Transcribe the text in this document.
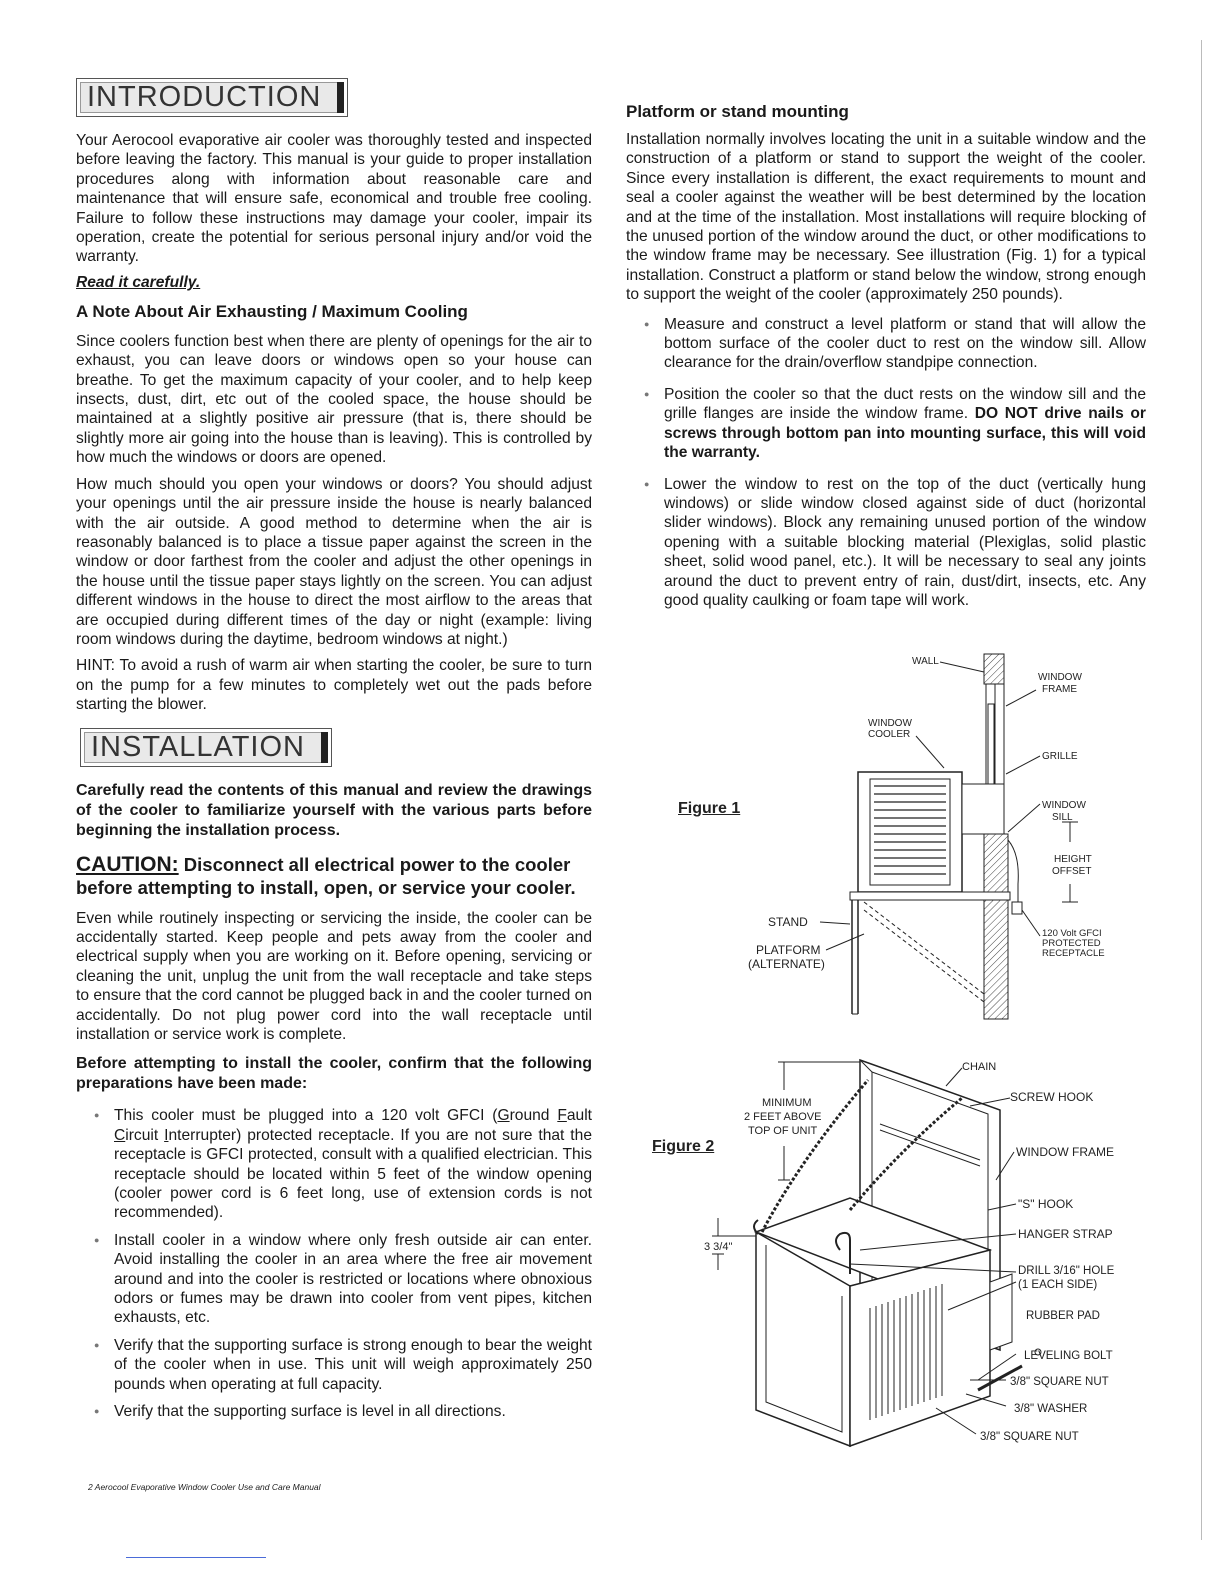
INTRODUCTION

Your Aerocool evaporative air cooler was thoroughly tested and inspected before leaving the factory. This manual is your guide to proper installation procedures along with information about reasonable care and maintenance that will ensure safe, economical and trouble free cooling. Failure to follow these instructions may damage your cooler, impair its operation, create the potential for serious personal injury and/or void the warranty.

Read it carefully.
A Note About Air Exhausting / Maximum Cooling

Since coolers function best when there are plenty of openings for the air to exhaust, you can leave doors or windows open so your house can breathe. To get the maximum capacity of your cooler, and to help keep insects, dust, dirt, etc out of the cooled space, the house should be maintained at a slightly positive air pressure (that is, there should be slightly more air going into the house than is leaving). This is controlled by how much the windows or doors are opened.

How much should you open your windows or doors? You should adjust your openings until the air pressure inside the house is nearly balanced with the air outside. A good method to determine when the air is reasonably balanced is to place a tissue paper against the screen in the window or door farthest from the cooler and adjust the other openings in the house until the tissue paper stays lightly on the screen. You can adjust different windows in the house to direct the most airflow to the areas that are occupied during different times of the day or night (example: living room windows during the daytime, bedroom windows at night.)

HINT: To avoid a rush of warm air when starting the cooler, be sure to turn on the pump for a few minutes to completely wet out the pads before starting the blower.

INSTALLATION

Carefully read the contents of this manual and review the drawings of the cooler to familiarize yourself with the various parts before beginning the installation process.

CAUTION: Disconnect all electrical power to the cooler before attempting to install, open, or service your cooler.

Even while routinely inspecting or servicing the inside, the cooler can be accidentally started. Keep people and pets away from the cooler and electrical supply when you are working on it. Before opening, servicing or cleaning the unit, unplug the unit from the wall receptacle and take steps to ensure that the cord cannot be plugged back in and the cooler turned on accidentally. Do not plug power cord into the wall receptacle until installation or service work is complete.

Before attempting to install the cooler, confirm that the following preparations have been made:

● This cooler must be plugged into a 120 volt GFCI (Ground Fault Circuit Interrupter) protected receptacle. If you are not sure that the receptacle is GFCI protected, consult with a qualified electrician. This receptacle should be located within 5 feet of the window opening (cooler power cord is 6 feet long, use of extension cords is not recommended).
● Install cooler in a window where only fresh outside air can enter. Avoid installing the cooler in an area where the free air movement around and into the cooler is restricted or locations where obnoxious odors or fumes may be drawn into cooler from vent pipes, kitchen exhausts, etc.
● Verify that the supporting surface is strong enough to bear the weight of the cooler when in use. This unit will weigh approximately 250 pounds when operating at full capacity.
● Verify that the supporting surface is level in all directions.
Platform or stand mounting

Installation normally involves locating the unit in a suitable window and the construction of a platform or stand to support the weight of the cooler. Since every installation is different, the exact requirements to mount and seal a cooler against the weather will be best determined by the location and at the time of the installation. Most installations will require blocking of the unused portion of the window around the duct, or other modifications to the window frame may be necessary. See illustration (Fig. 1) for a typical installation. Construct a platform or stand below the window, strong enough to support the weight of the cooler (approximately 250 pounds).

● Measure and construct a level platform or stand that will allow the bottom surface of the cooler duct to rest on the window sill. Allow clearance for the drain/overflow standpipe connection.
● Position the cooler so that the duct rests on the window sill and the grille flanges are inside the window frame. DO NOT drive nails or screws through bottom pan into mounting surface, this will void the warranty.
● Lower the window to rest on the top of the duct (vertically hung windows) or slide window closed against side of duct (horizontal slider windows). Block any remaining unused portion of the window opening with a suitable blocking material (Plexiglas, solid plastic sheet, solid wood panel, etc.). It will be necessary to seal any joints around the duct to prevent entry of rain, dust/dirt, insects, etc. Any good quality caulking or foam tape will work.
Figure 1
WALL
WINDOW
FRAME
WINDOW
COOLER
GRILLE
WINDOW
SILL
HEIGHT
OFFSET
STAND
PLATFORM
(ALTERNATE)
120 Volt GFCI
PROTECTED
RECEPTACLE
Figure 2
CHAIN
SCREW HOOK
MINIMUM
2 FEET ABOVE
TOP OF UNIT
WINDOW FRAME
"S" HOOK
HANGER STRAP
3 3/4"
DRILL 3/16" HOLE
(1 EACH SIDE)
RUBBER PAD
LEVELING BOLT
3/8" SQUARE NUT
3/8" WASHER
3/8" SQUARE NUT
2 Aerocool Evaporative Window Cooler Use and Care Manual
